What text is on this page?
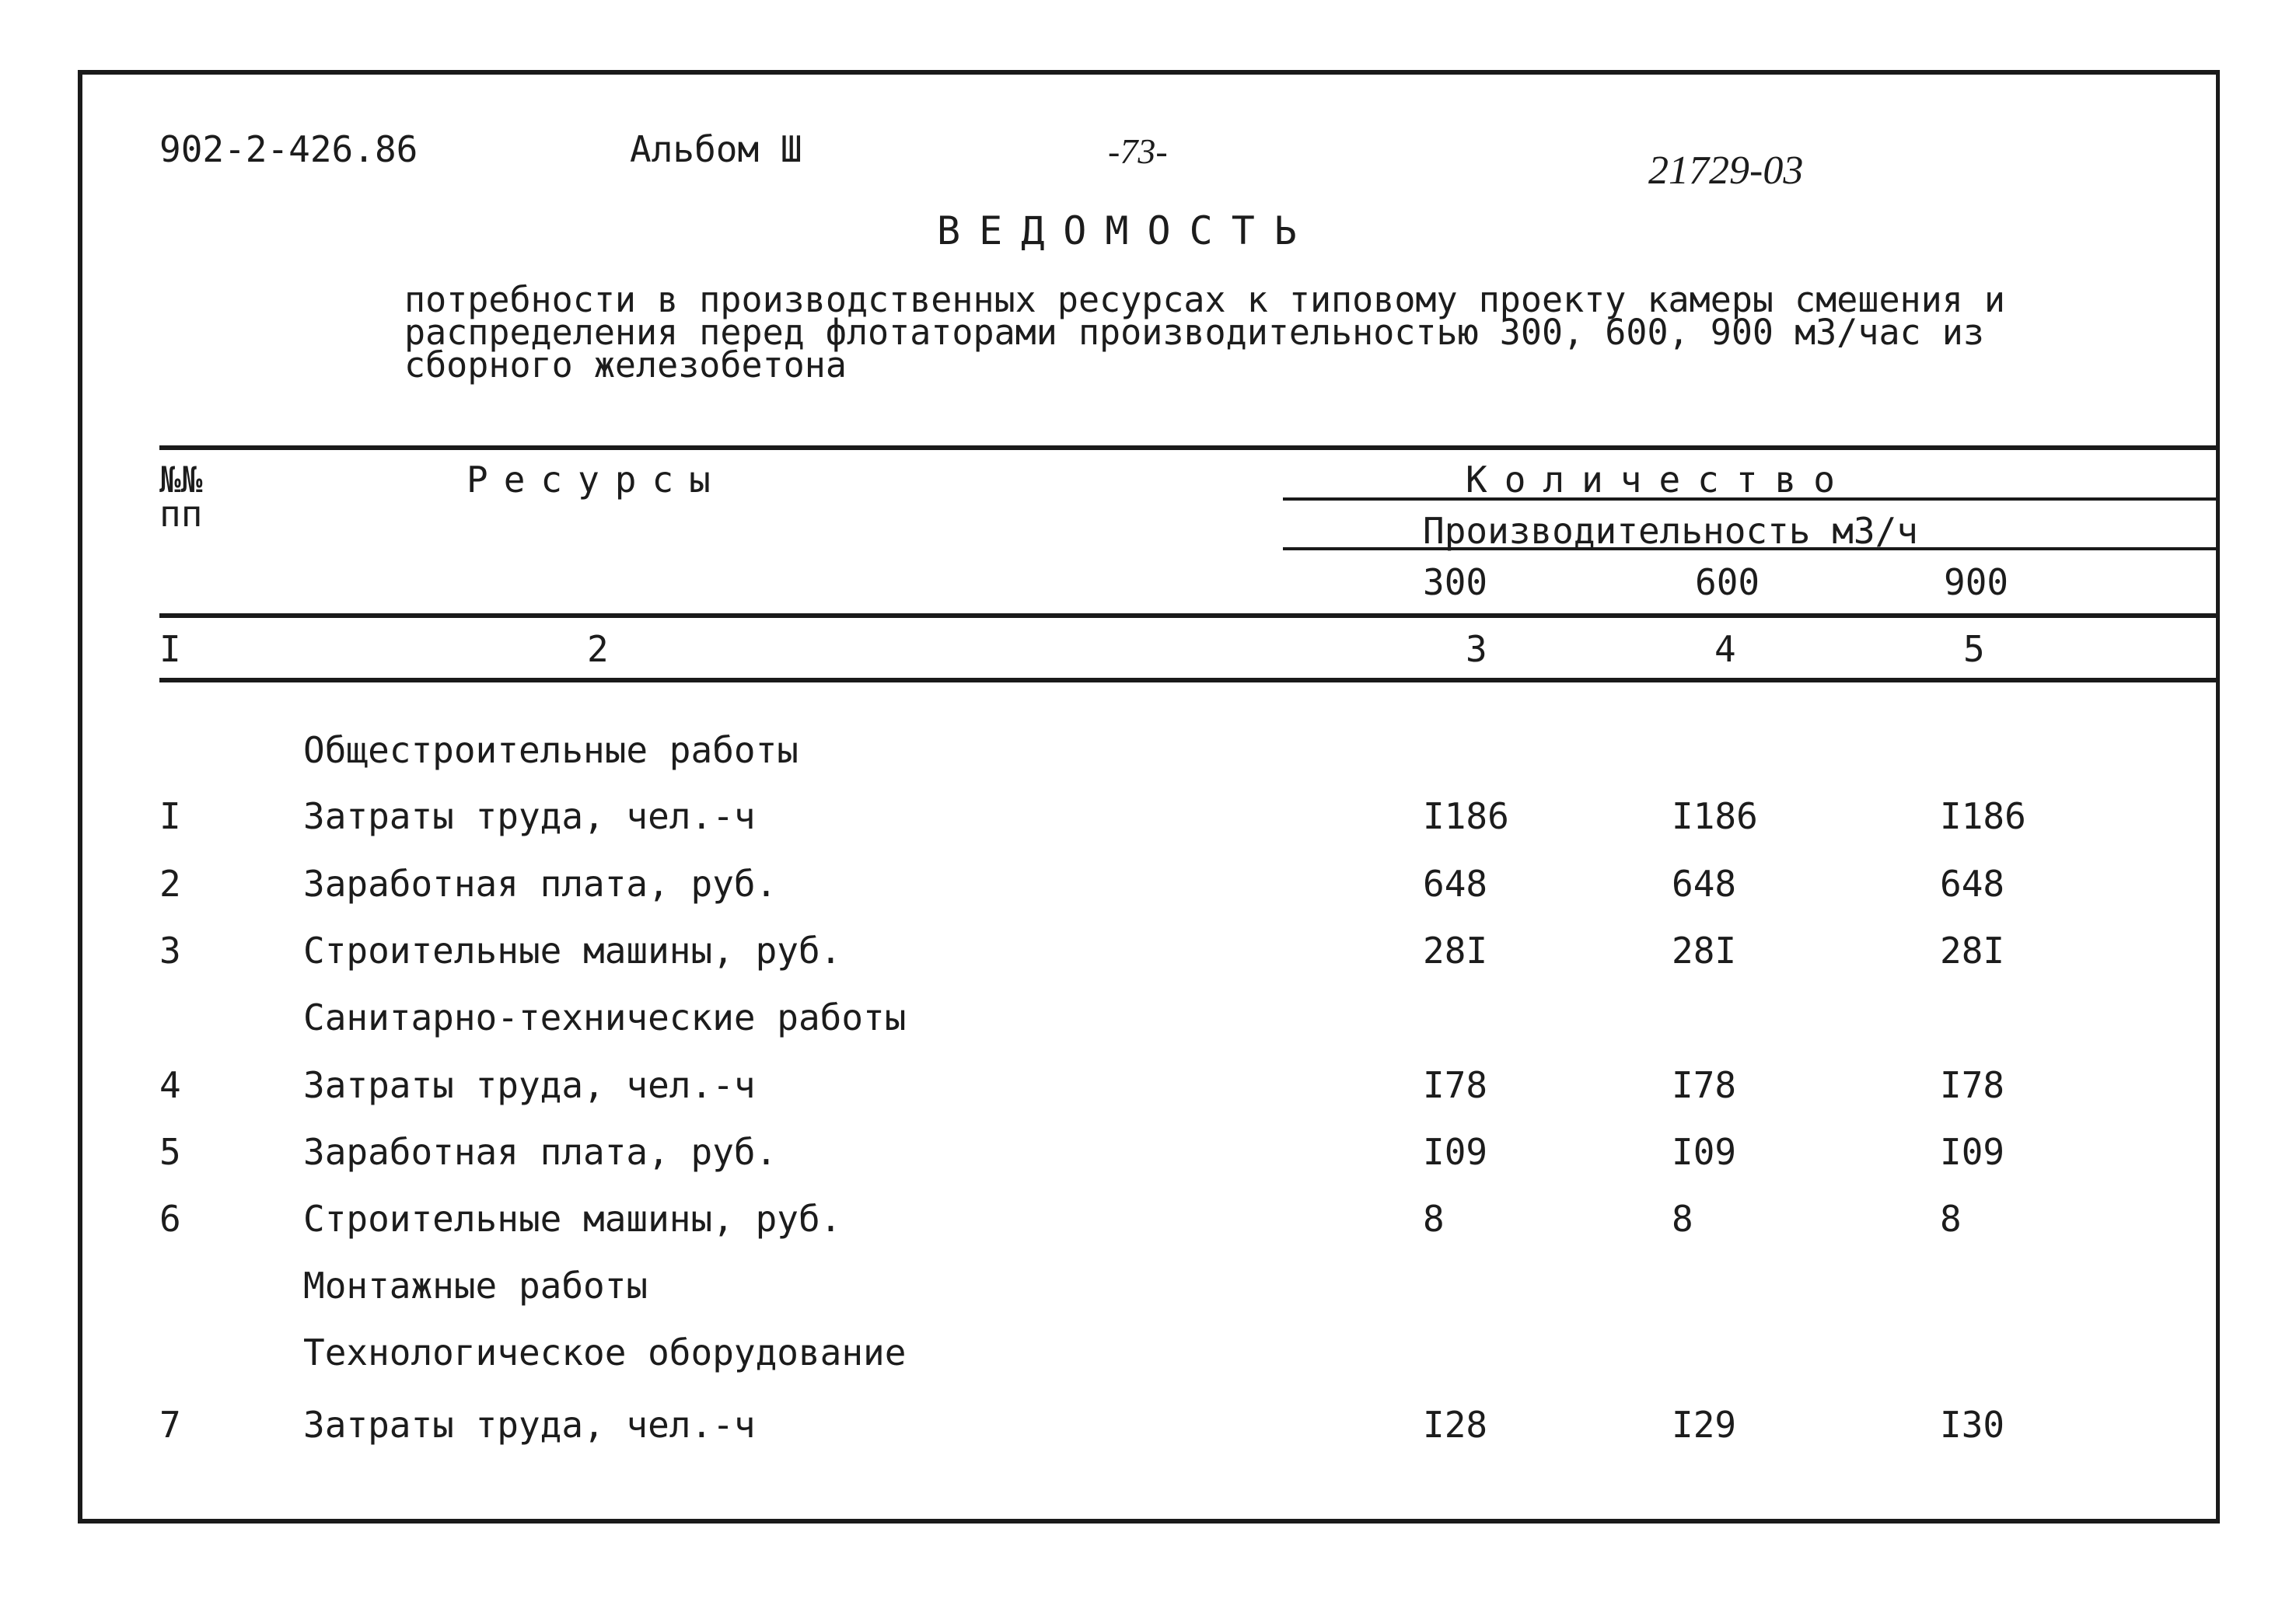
902-2-426.86	Альбом Ш	-73-	21729-03
ВЕДОМОСТЬ
потребности в производственных ресурсах к типовому проекту камеры смешения и
распределения перед флотаторами производительностью 300, 600, 900 м3/час из
сборного железобетона
№№
пп
Ресурсы	Количество
Производительность м3/ч
300	600	900
I	2	3	4	5
Общестроительные работы
I	Затраты труда, чел.-ч	I186	I186	I186
2	Заработная плата, руб.	648	648	648
3	Строительные машины, руб.	28I	28I	28I
Санитарно-технические работы
4	Затраты труда, чел.-ч	I78	I78	I78
5	Заработная плата, руб.	I09	I09	I09
6	Строительные машины, руб.	8	8	8
Монтажные работы
Технологическое оборудование
7	Затраты труда, чел.-ч	I28	I29	I30
